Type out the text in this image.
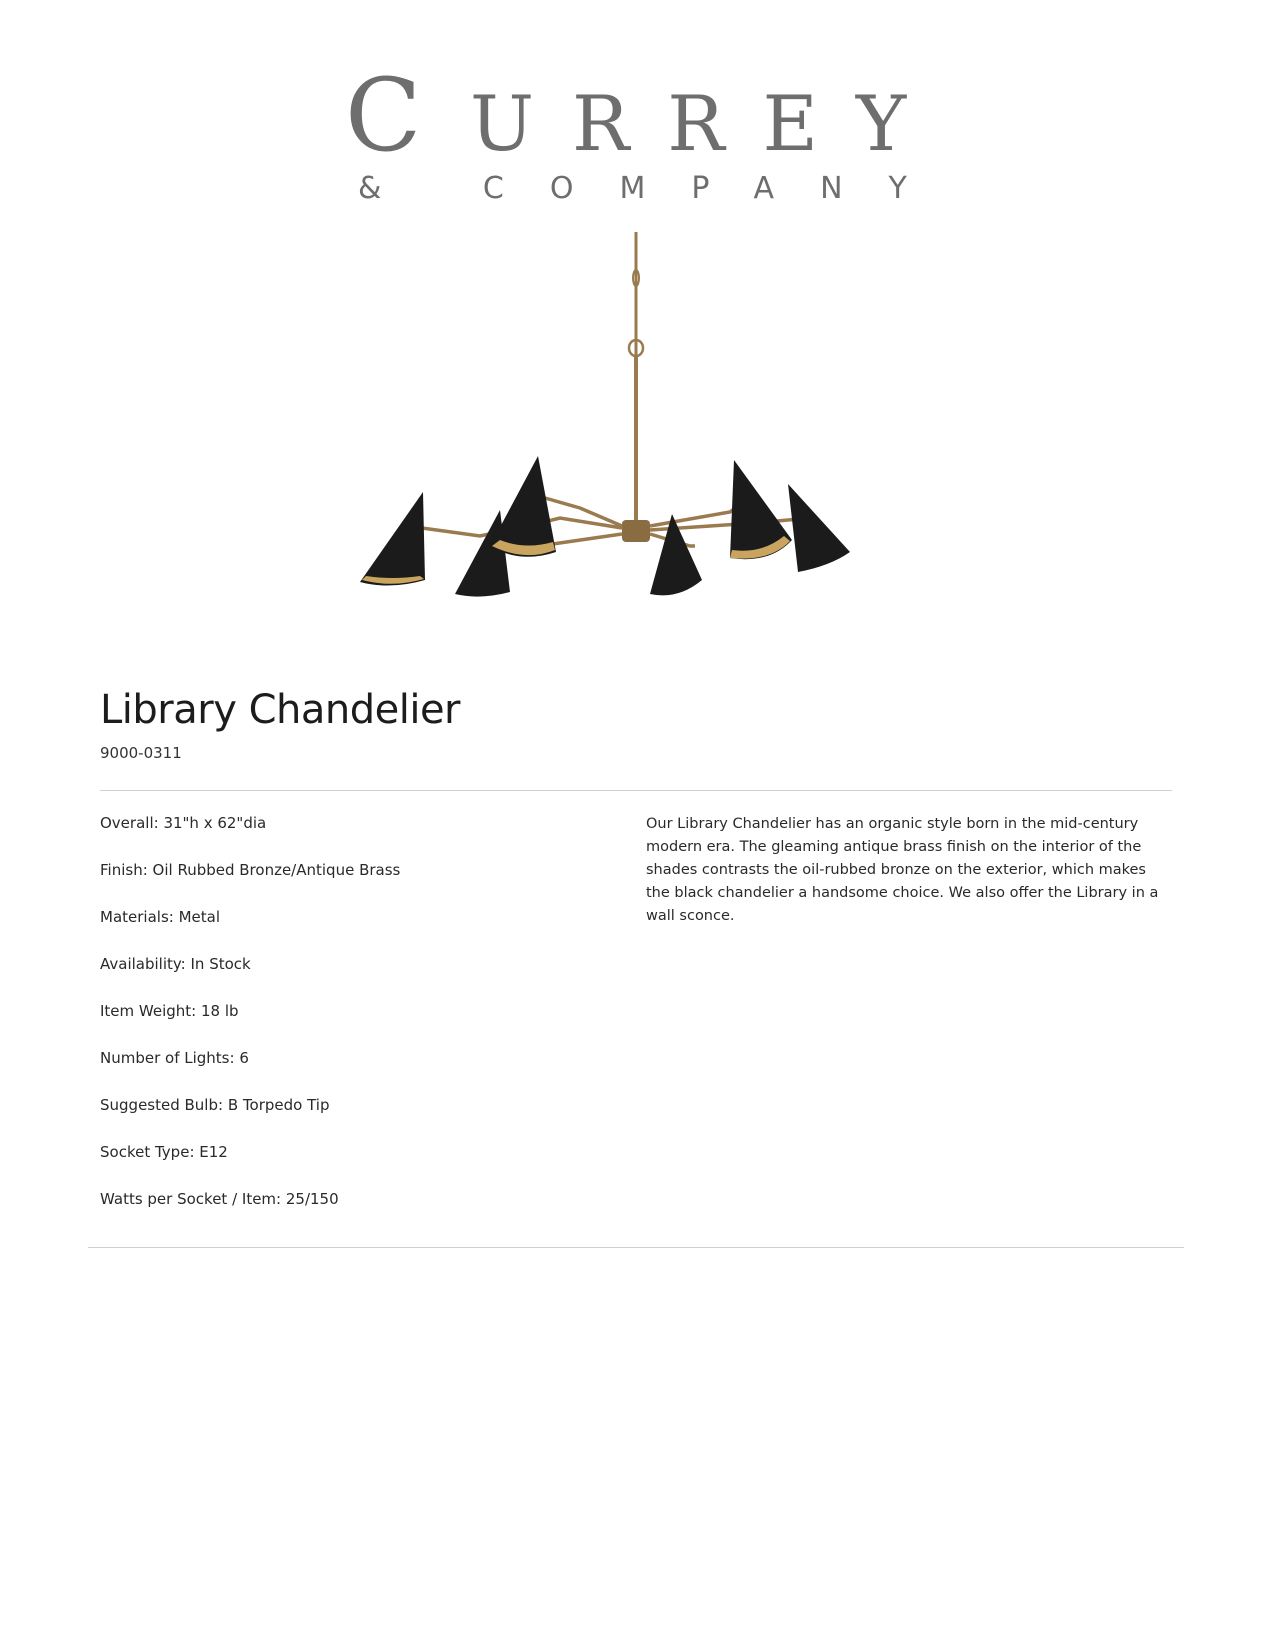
C URREY
& COMPANY
Library Chandelier

9000-0311

Overall: 31"h x 62"dia
Finish: Oil Rubbed Bronze/Antique Brass
Materials: Metal
Availability: In Stock
Item Weight: 18 lb
Number of Lights: 6
Suggested Bulb: B Torpedo Tip
Socket Type: E12
Watts per Socket / Item: 25/150

Our Library Chandelier has an organic style born in the mid-century modern era. The gleaming antique brass finish on the interior of the shades contrasts the oil-rubbed bronze on the exterior, which makes the black chandelier a handsome choice. We also offer the Library in a wall sconce.
